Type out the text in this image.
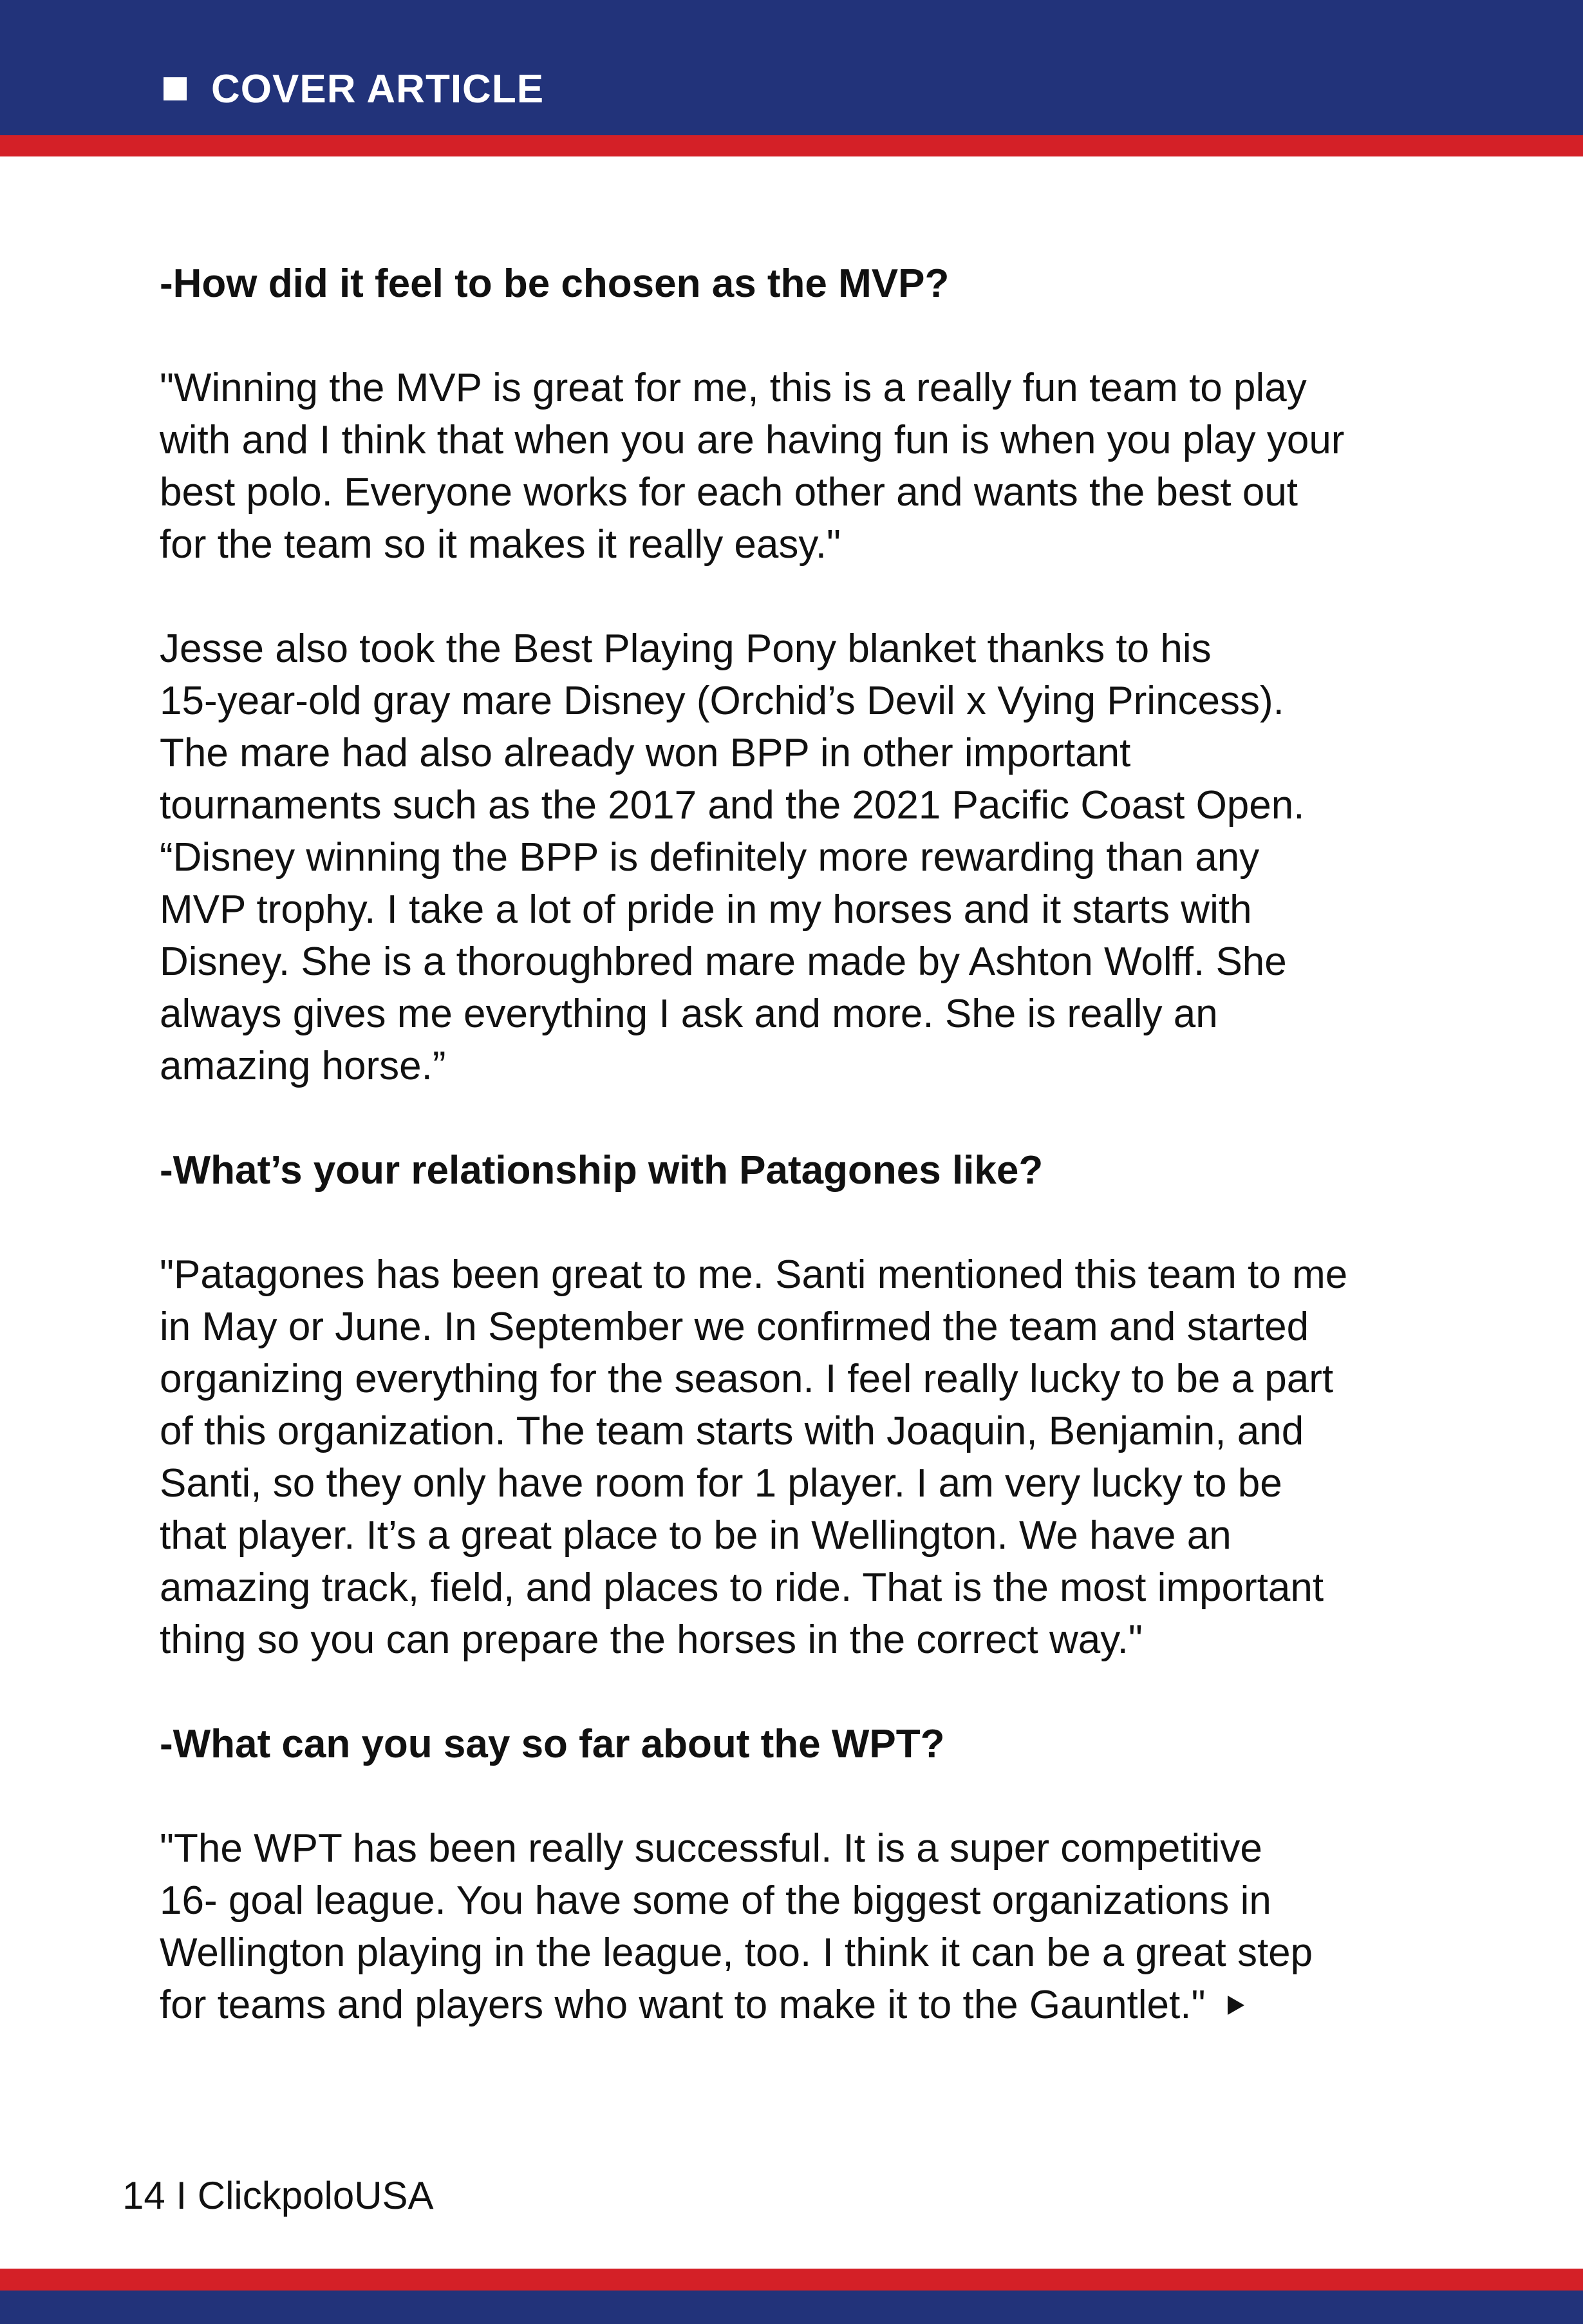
COVER ARTICLE
-How did it feel to be chosen as the MVP?
"Winning the MVP is great for me, this is a really fun team to play
with and I think that when you are having fun is when you play your
best polo. Everyone works for each other and wants the best out
for the team so it makes it really easy."
Jesse also took the Best Playing Pony blanket thanks to his
15-year-old gray mare Disney (Orchid’s Devil x Vying Princess).
The mare had also already won BPP in other important
tournaments such as the 2017 and the 2021 Pacific Coast Open.
“Disney winning the BPP is definitely more rewarding than any
MVP trophy. I take a lot of pride in my horses and it starts with
Disney. She is a thoroughbred mare made by Ashton Wolff. She
always gives me everything I ask and more. She is really an
amazing horse.”
-What’s your relationship with Patagones like?
"Patagones has been great to me. Santi mentioned this team to me
in May or June. In September we confirmed the team and started
organizing everything for the season. I feel really lucky to be a part
of this organization. The team starts with Joaquin, Benjamin, and
Santi, so they only have room for 1 player. I am very lucky to be
that player. It’s a great place to be in Wellington. We have an
amazing track, field, and places to ride. That is the most important
thing so you can prepare the horses in the correct way."
-What can you say so far about the WPT?
"The WPT has been really successful. It is a super competitive
16- goal league. You have some of the biggest organizations in
Wellington playing in the league, too. I think it can be a great step
for teams and players who want to make it to the Gauntlet."
14 I ClickpoloUSA
